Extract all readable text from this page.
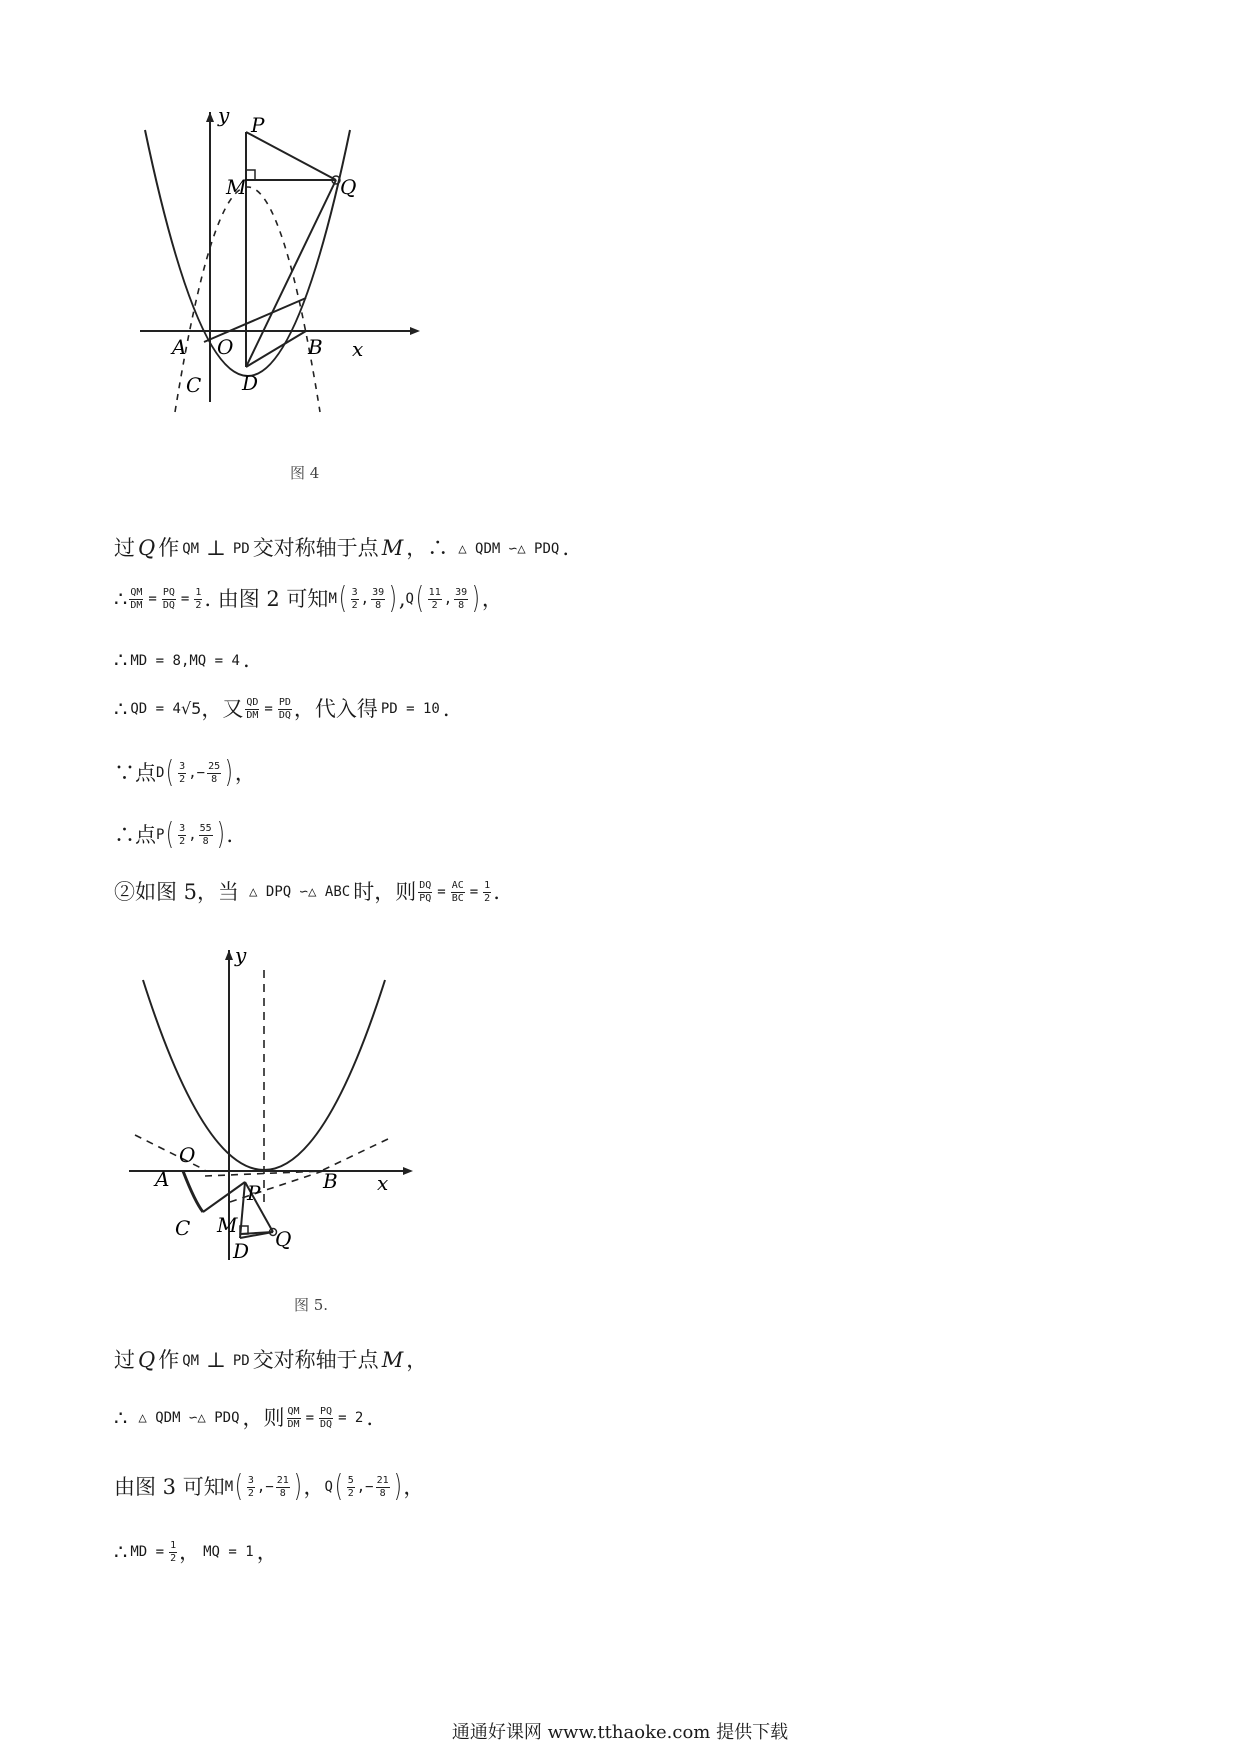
y P
M	Q
A O	B x
C D
图 4
过 Q 作 QM ⊥ PD 交对称轴于点 M ，∴ △ QDM ∽△ PDQ .
∴ $\frac{QM}{DM} = \frac{PQ}{DQ} = \frac{1}{2}$ . 由图 2 可知 M ( $\frac{3}{2}$ , $\frac{39}{8}$ ) , Q ( $\frac{11}{2}$ , $\frac{39}{8}$ ) ，
∴ MD = 8,MQ = 4 .
∴ QD = 4 √5 ，又 $\frac{QD}{DM} = \frac{PD}{DQ}$ ，代入得 PD = 10 .
∵点 D ( $\frac{3}{2}$ , − $\frac{25}{8}$ ) ，
∴点 P ( $\frac{3}{2}$ , $\frac{55}{8}$ ) .
②如图 5，当 △ DPQ ∽△ ABC 时，则 $\frac{DQ}{PQ} = \frac{AC}{BC} = \frac{1}{2}$ .
y
O
A	B x
P
C M
Q
D
图 5.
过 Q 作 QM ⊥ PD 交对称轴于点 M ，
∴ △ QDM ∽△ PDQ ，则 $\frac{QM}{DM} = \frac{PQ}{DQ} = 2$ .
由图 3 可知 M ( $\frac{3}{2}$ ,− $\frac{21}{8}$ ) ， Q ( $\frac{5}{2}$ ,− $\frac{21}{8}$ ) ，
∴ MD = $\frac{1}{2}$ ， MQ = 1 ，
通通好课网 www.tthaoke.com 提供下载
